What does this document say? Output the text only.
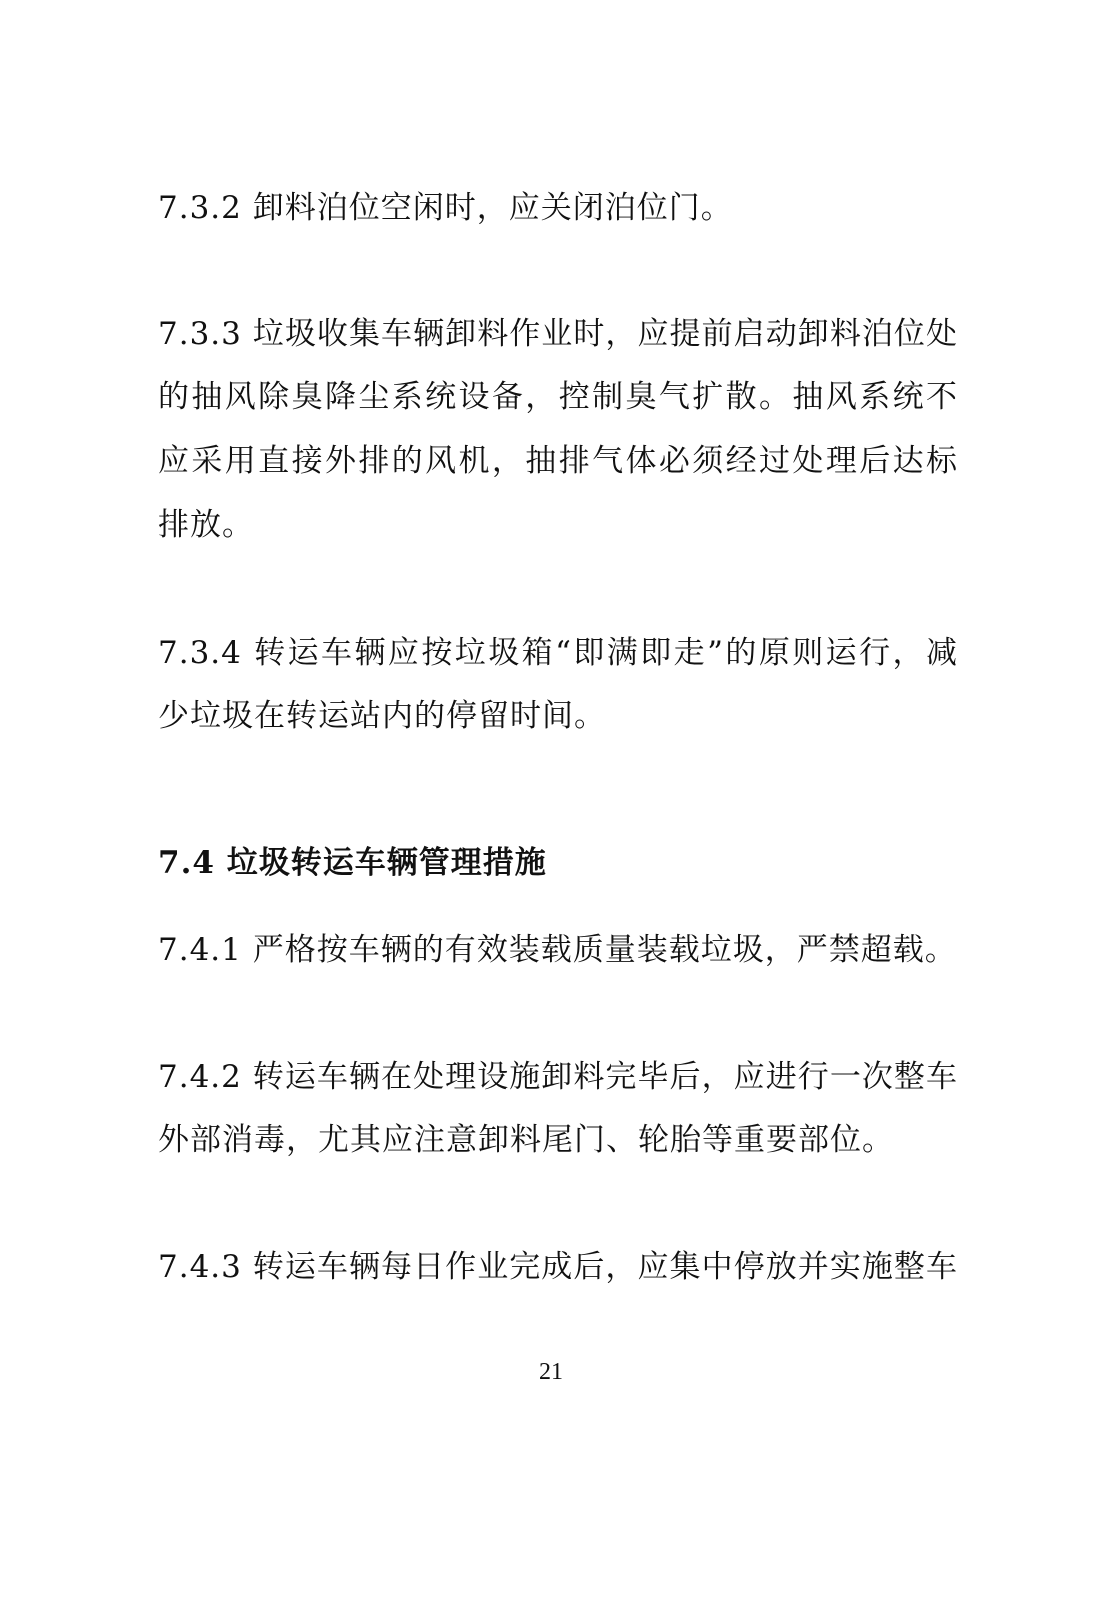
7.3.2 卸料泊位空闲时，应关闭泊位门。
7.3.3 垃圾收集车辆卸料作业时，应提前启动卸料泊位处
的抽风除臭降尘系统设备，控制臭气扩散。抽风系统不
应采用直接外排的风机，抽排气体必须经过处理后达标
排放。
7.3.4 转运车辆应按垃圾箱“即满即走”的原则运行，减
少垃圾在转运站内的停留时间。
7.4 垃圾转运车辆管理措施
7.4.1 严格按车辆的有效装载质量装载垃圾，严禁超载。
7.4.2 转运车辆在处理设施卸料完毕后，应进行一次整车
外部消毒，尤其应注意卸料尾门、轮胎等重要部位。
7.4.3 转运车辆每日作业完成后，应集中停放并实施整车
21
